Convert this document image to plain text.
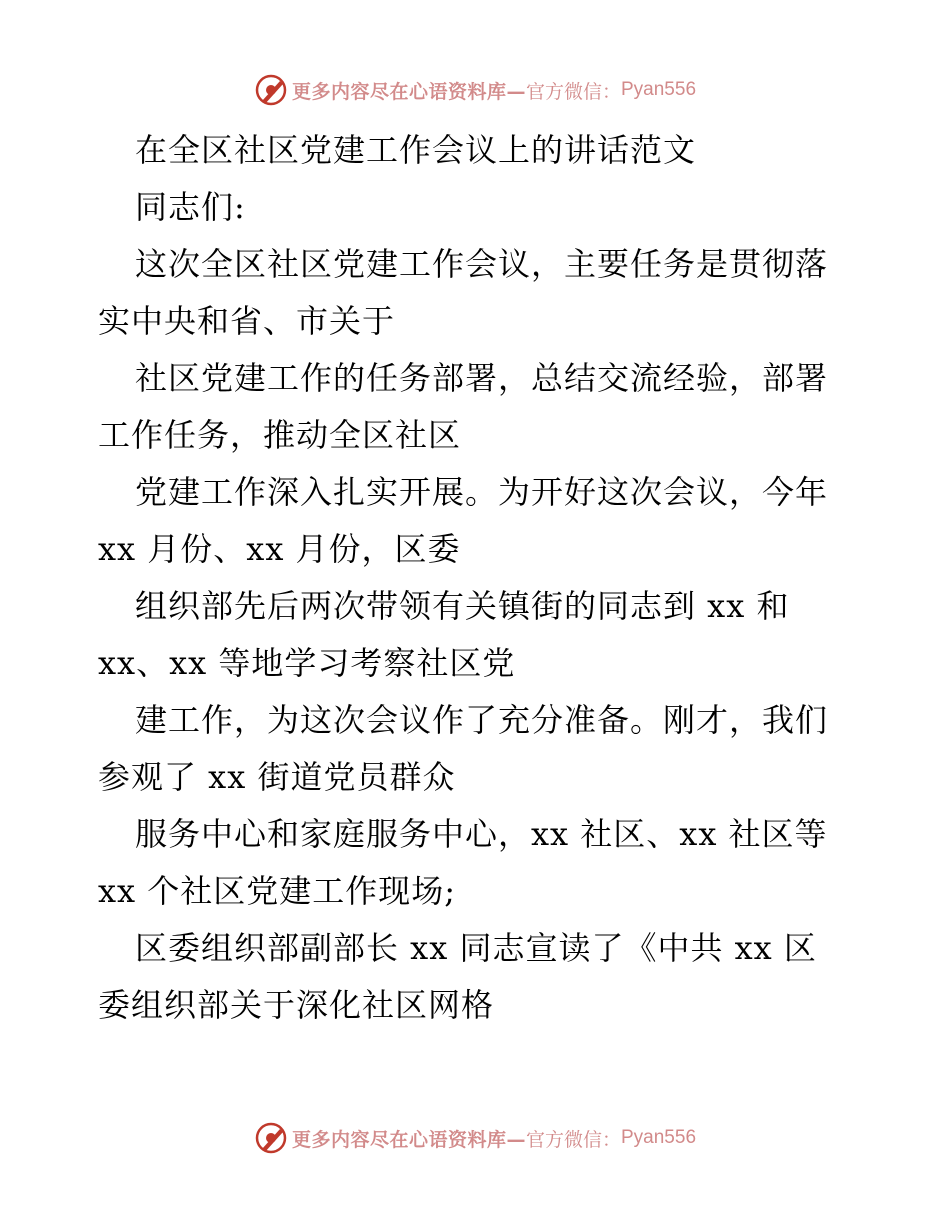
更多内容尽在心语资料库— 官方微信： Pyan556
在全区社区党建工作会议上的讲话范文
同志们:
这次全区社区党建工作会议，主要任务是贯彻落
实中央和省、市关于
社区党建工作的任务部署，总结交流经验，部署
工作任务，推动全区社区
党建工作深入扎实开展。为开好这次会议，今年
xx 月份、xx 月份，区委
组织部先后两次带领有关镇街的同志到 xx 和
xx、xx 等地学习考察社区党
建工作，为这次会议作了充分准备。刚才，我们
参观了 xx 街道党员群众
服务中心和家庭服务中心，xx 社区、xx 社区等
xx 个社区党建工作现场;
区委组织部副部长 xx 同志宣读了《中共 xx 区
委组织部关于深化社区网格
更多内容尽在心语资料库— 官方微信： Pyan556
